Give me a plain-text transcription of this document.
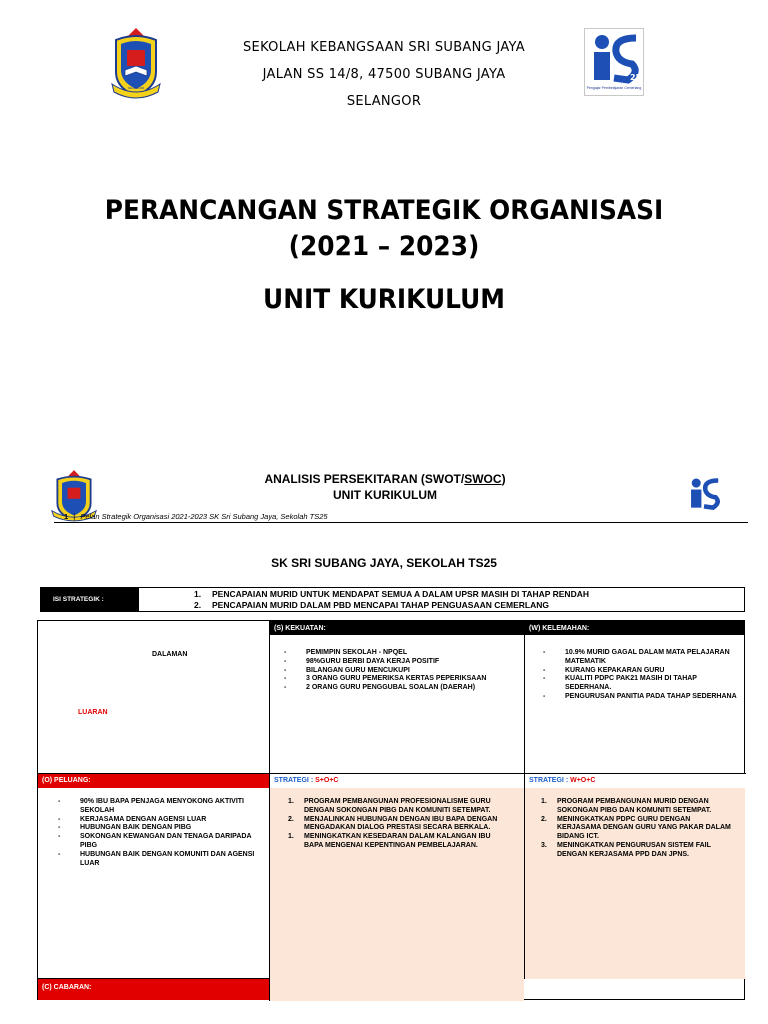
SELANGOR
SEKOLAH KEBANGSAAN SRI SUBANG JAYA
JALAN SS 14/8, 47500 SUBANG JAYA
SELANGOR
25
Pengajar Pembelajaran Cemerlang
PERANCANGAN STRATEGIK ORGANISASI
(2021 – 2023)
UNIT KURIKULUM
ANALISIS PERSEKITARAN (SWOT/SWOC)
UNIT KURIKULUM
1 | Pelan Strategik Organisasi 2021-2023 SK Sri Subang Jaya, Sekolah TS25
SK SRI SUBANG JAYA, SEKOLAH TS25
ISI STRATEGIK :
1. PENCAPAIAN MURID UNTUK MENDAPAT SEMUA A DALAM UPSR MASIH DI TAHAP RENDAH
2. PENCAPAIAN MURID DALAM PBD MENCAPAI TAHAP PENGUASAAN CEMERLANG
DALAMAN
LUARAN
(S) KEKUATAN:
- PEMIMPIN SEKOLAH - NPQEL
- 98%GURU BERBI DAYA KERJA POSITIF
- BILANGAN GURU MENCUKUPI
- 3 ORANG GURU PEMERIKSA KERTAS PEPERIKSAAN
- 2 ORANG GURU PENGGUBAL SOALAN (DAERAH)
(W) KELEMAHAN:
- 10.9% MURID GAGAL DALAM MATA PELAJARAN MATEMATIK
- KURANG KEPAKARAN GURU
- KUALITI PDPC PAK21 MASIH DI TAHAP SEDERHANA.
- PENGURUSAN PANITIA PADA TAHAP SEDERHANA
(O) PELUANG:
- 90% IBU BAPA PENJAGA MENYOKONG AKTIVITI SEKOLAH
- KERJASAMA DENGAN AGENSI LUAR
- HUBUNGAN BAIK DENGAN PIBG
- SOKONGAN KEWANGAN DAN TENAGA DARIPADA PIBG
- HUBUNGAN BAIK DENGAN KOMUNITI DAN AGENSI LUAR
STRATEGI : S+O+C
1. PROGRAM PEMBANGUNAN PROFESIONALISME GURU DENGAN SOKONGAN PIBG DAN KOMUNITI SETEMPAT.
2. MENJALINKAN HUBUNGAN DENGAN IBU BAPA DENGAN MENGADAKAN DIALOG PRESTASI SECARA BERKALA.
1. MENINGKATKAN KESEDARAN DALAM KALANGAN IBU BAPA MENGENAI KEPENTINGAN PEMBELAJARAN.
STRATEGI : W+O+C
1. PROGRAM PEMBANGUNAN MURID DENGAN SOKONGAN PIBG DAN KOMUNITI SETEMPAT.
2. MENINGKATKAN PDPC GURU DENGAN KERJASAMA DENGAN GURU YANG PAKAR DALAM BIDANG ICT.
3. MENINGKATKAN PENGURUSAN SISTEM FAIL DENGAN KERJASAMA PPD DAN JPNS.
(C) CABARAN:
